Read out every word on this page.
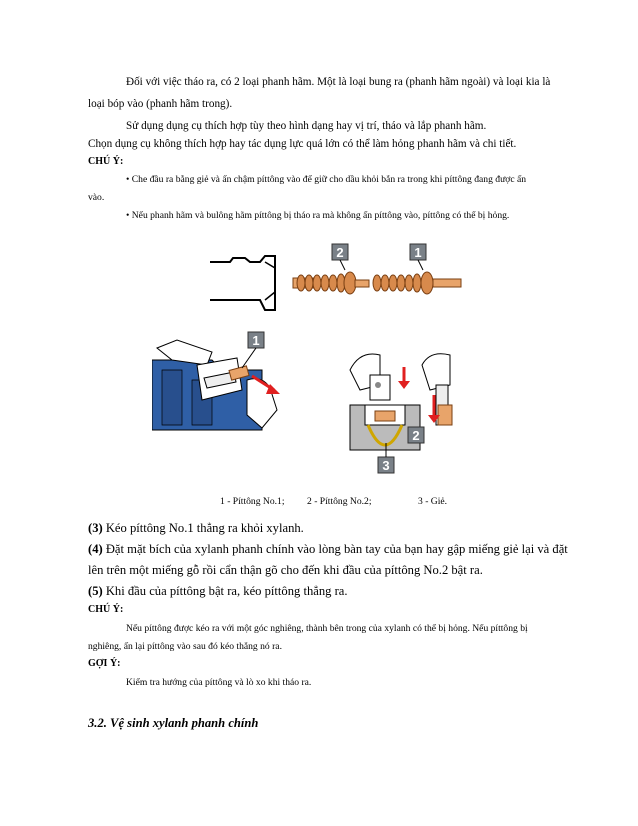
Đối với việc tháo ra, có 2 loại phanh hãm. Một là loại bung ra (phanh hãm ngoài) và loại kia là
loại bóp vào (phanh hãm trong).
Sử dụng dụng cụ thích hợp tùy theo hình dạng hay vị trí, tháo và lắp phanh hãm.
Chọn dụng cụ không thích hợp hay tác dụng lực quá lớn có thể làm hỏng phanh hãm và chi tiết.
CHÚ Ý:
• Che đầu ra bằng giẻ và ấn chậm píttông vào để giữ cho dầu khỏi bắn ra trong khi píttông đang được ấn
vào.
• Nếu phanh hãm và bulông hãm píttông bị tháo ra mà không ấn píttông vào, píttông có thể bị hỏng.
2	1
1
2
3
1 - Píttông No.1; 2 - Píttông No.2;	3 - Giẻ.
(3) Kéo píttông No.1 thẳng ra khỏi xylanh.
(4) Đặt mặt bích của xylanh phanh chính vào lòng bàn tay của bạn hay gập miếng giẻ lại và đặt
lên trên một miếng gỗ rồi cẩn thận gõ cho đến khi đầu của píttông No.2 bật ra.
(5) Khi đầu của píttông bật ra, kéo píttông thẳng ra.
CHÚ Ý:
Nếu píttông được kéo ra với một góc nghiêng, thành bên trong của xylanh có thể bị hỏng. Nếu píttông bị
nghiêng, ấn lại píttông vào sau đó kéo thẳng nó ra.
GỢI Ý:
Kiểm tra hướng của píttông và lò xo khi tháo ra.
3.2. Vệ sinh xylanh phanh chính
